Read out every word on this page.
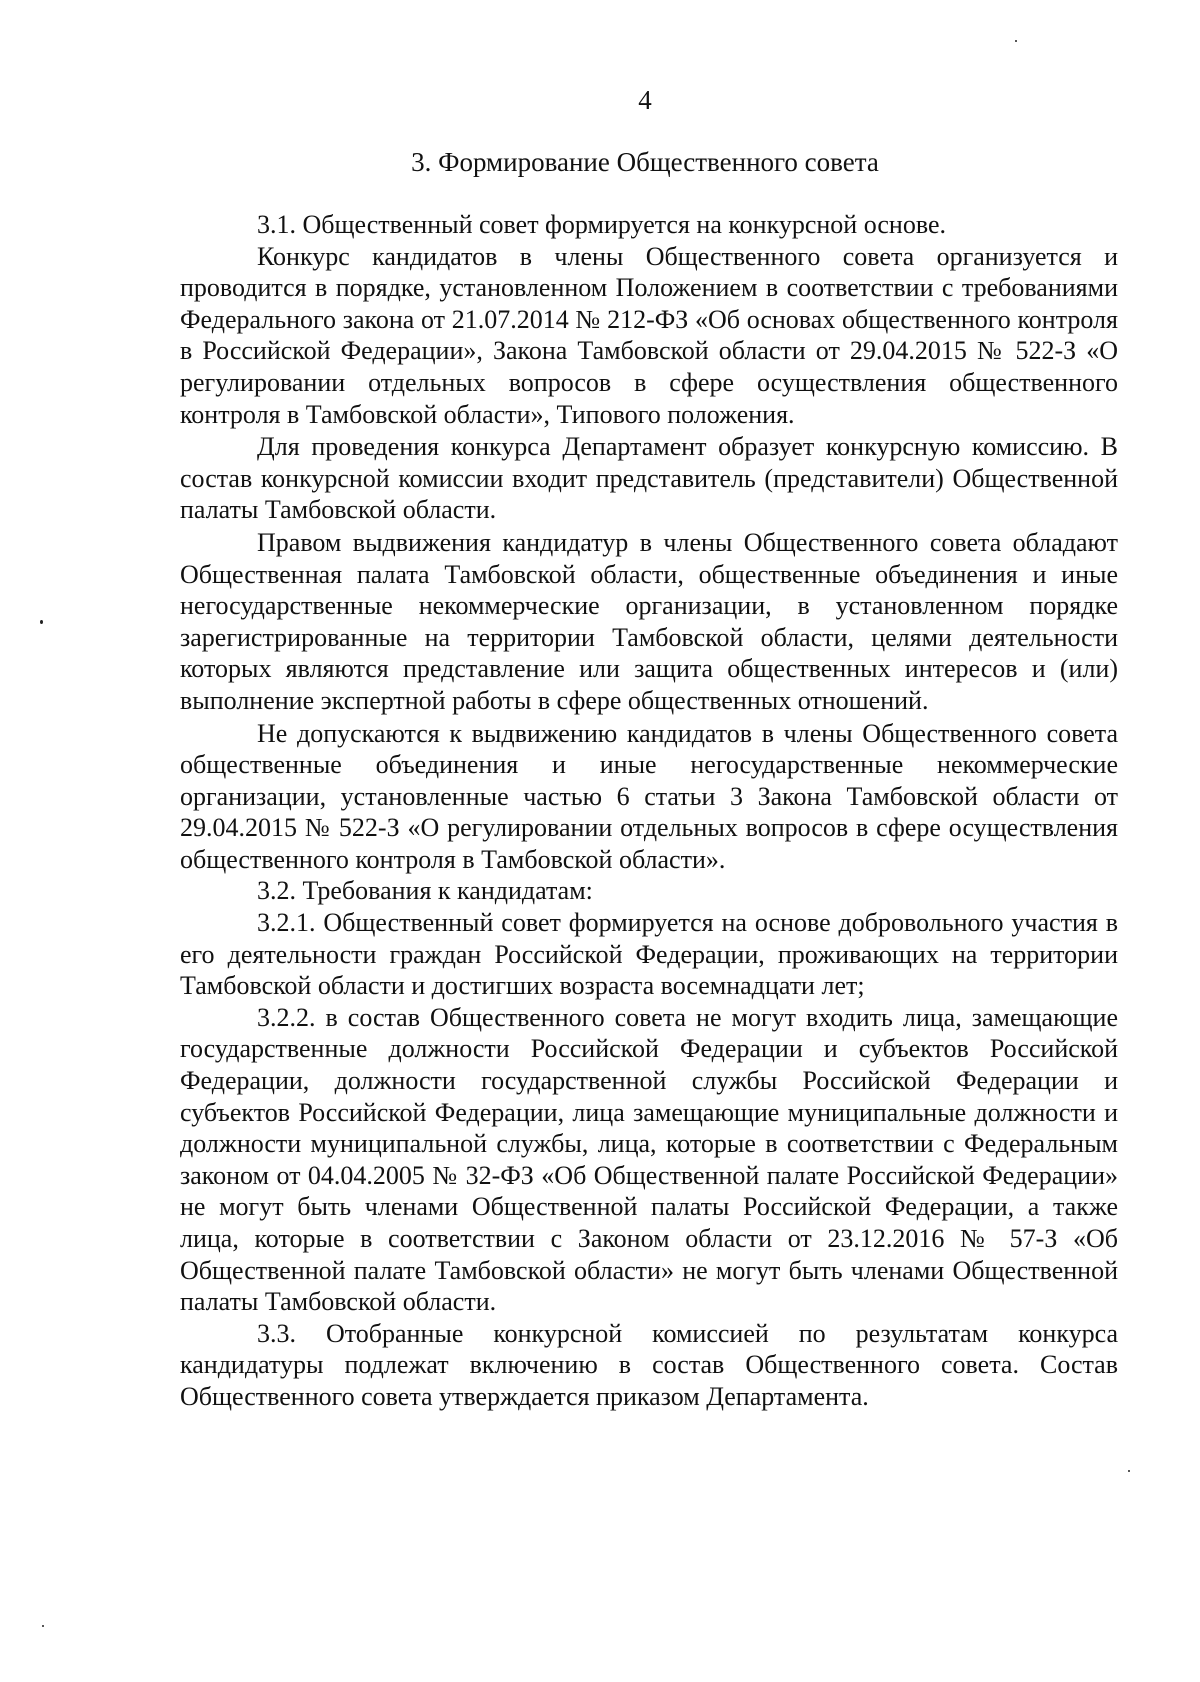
4
3. Формирование Общественного совета

3.1. Общественный совет формируется на конкурсной основе.

Конкурс кандидатов в члены Общественного совета организуется и проводится в порядке, установленном Положением в соответствии с требованиями Федерального закона от 21.07.2014 № 212-ФЗ «Об основах общественного контроля в Российской Федерации», Закона Тамбовской области от 29.04.2015 № 522-З «О регулировании отдельных вопросов в сфере осуществления общественного контроля в Тамбовской области», Типового положения.

Для проведения конкурса Департамент образует конкурсную комиссию. В состав конкурсной комиссии входит представитель (представители) Общественной палаты Тамбовской области.

Правом выдвижения кандидатур в члены Общественного совета обладают Общественная палата Тамбовской области, общественные объединения и иные негосударственные некоммерческие организации, в установленном порядке зарегистрированные на территории Тамбовской области, целями деятельности которых являются представление или защита общественных интересов и (или) выполнение экспертной работы в сфере общественных отношений.

Не допускаются к выдвижению кандидатов в члены Общественного совета общественные объединения и иные негосударственные некоммерческие организации, установленные частью 6 статьи 3 Закона Тамбовской области от 29.04.2015 № 522-З «О регулировании отдельных вопросов в сфере осуществления общественного контроля в Тамбовской области».

3.2. Требования к кандидатам:

3.2.1. Общественный совет формируется на основе добровольного участия в его деятельности граждан Российской Федерации, проживающих на территории Тамбовской области и достигших возраста восемнадцати лет;

3.2.2. в состав Общественного совета не могут входить лица, замещающие государственные должности Российской Федерации и субъектов Российской Федерации, должности государственной службы Российской Федерации и субъектов Российской Федерации, лица замещающие муниципальные должности и должности муниципальной службы, лица, которые в соответствии с Федеральным законом от 04.04.2005 № 32-ФЗ «Об Общественной палате Российской Федерации» не могут быть членами Общественной палаты Российской Федерации, а также лица, которые в соответствии с Законом области от 23.12.2016 № 57-З «Об Общественной палате Тамбовской области» не могут быть членами Общественной палаты Тамбовской области.

3.3. Отобранные конкурсной комиссией по результатам конкурса кандидатуры подлежат включению в состав Общественного совета. Состав Общественного совета утверждается приказом Департамента.
